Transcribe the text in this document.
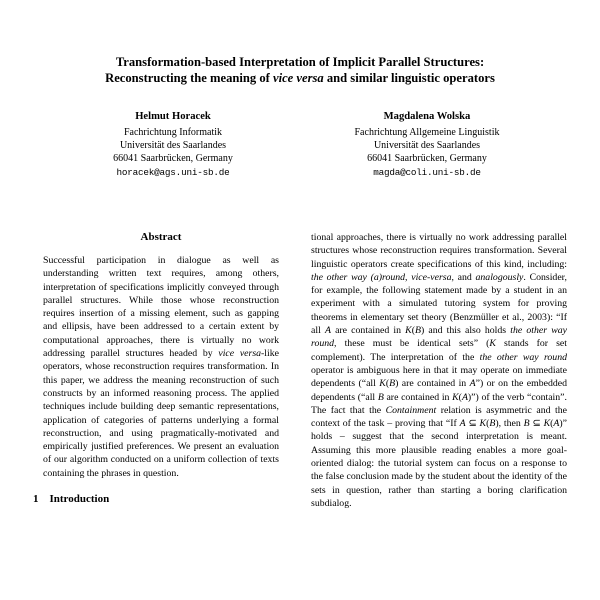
Transformation-based Interpretation of Implicit Parallel Structures:
Reconstructing the meaning of vice versa and similar linguistic operators
Helmut Horacek
Fachrichtung Informatik
Universität des Saarlandes
66041 Saarbrücken, Germany
horacek@ags.uni-sb.de
Magdalena Wolska
Fachrichtung Allgemeine Linguistik
Universität des Saarlandes
66041 Saarbrücken, Germany
magda@coli.uni-sb.de
Abstract

Successful participation in dialogue as well as understanding written text requires, among others, interpretation of specifications implicitly conveyed through parallel structures. While those whose reconstruction requires insertion of a missing element, such as gapping and ellipsis, have been addressed to a certain extent by computational approaches, there is virtually no work addressing parallel structures headed by vice versa-like operators, whose reconstruction requires transformation. In this paper, we address the meaning reconstruction of such constructs by an informed reasoning process. The applied techniques include building deep semantic representations, application of categories of patterns underlying a formal reconstruction, and using pragmatically-motivated and empirically justified preferences. We present an evaluation of our algorithm conducted on a uniform collection of texts containing the phrases in question.

1 Introduction

tional approaches, there is virtually no work addressing parallel structures whose reconstruction requires transformation. Several linguistic operators create specifications of this kind, including: the other way (a)round, vice-versa, and analogously. Consider, for example, the following statement made by a student in an experiment with a simulated tutoring system for proving theorems in elementary set theory (Benzmüller et al., 2003): “If all A are contained in K(B) and this also holds the other way round, these must be identical sets” (K stands for set complement). The interpretation of the the other way round operator is ambiguous here in that it may operate on immediate dependents (“all K(B) are contained in A”) or on the embedded dependents (“all B are contained in K(A)”) of the verb “contain”. The fact that the Containment relation is asymmetric and the context of the task – proving that “If A ⊆ K(B), then B ⊆ K(A)” holds – suggest that the second interpretation is meant. Assuming this more plausible reading enables a more goal-oriented dialog: the tutorial system can focus on a response to the false conclusion made by the student about the identity of the sets in question, rather than starting a boring clarification subdialog.
